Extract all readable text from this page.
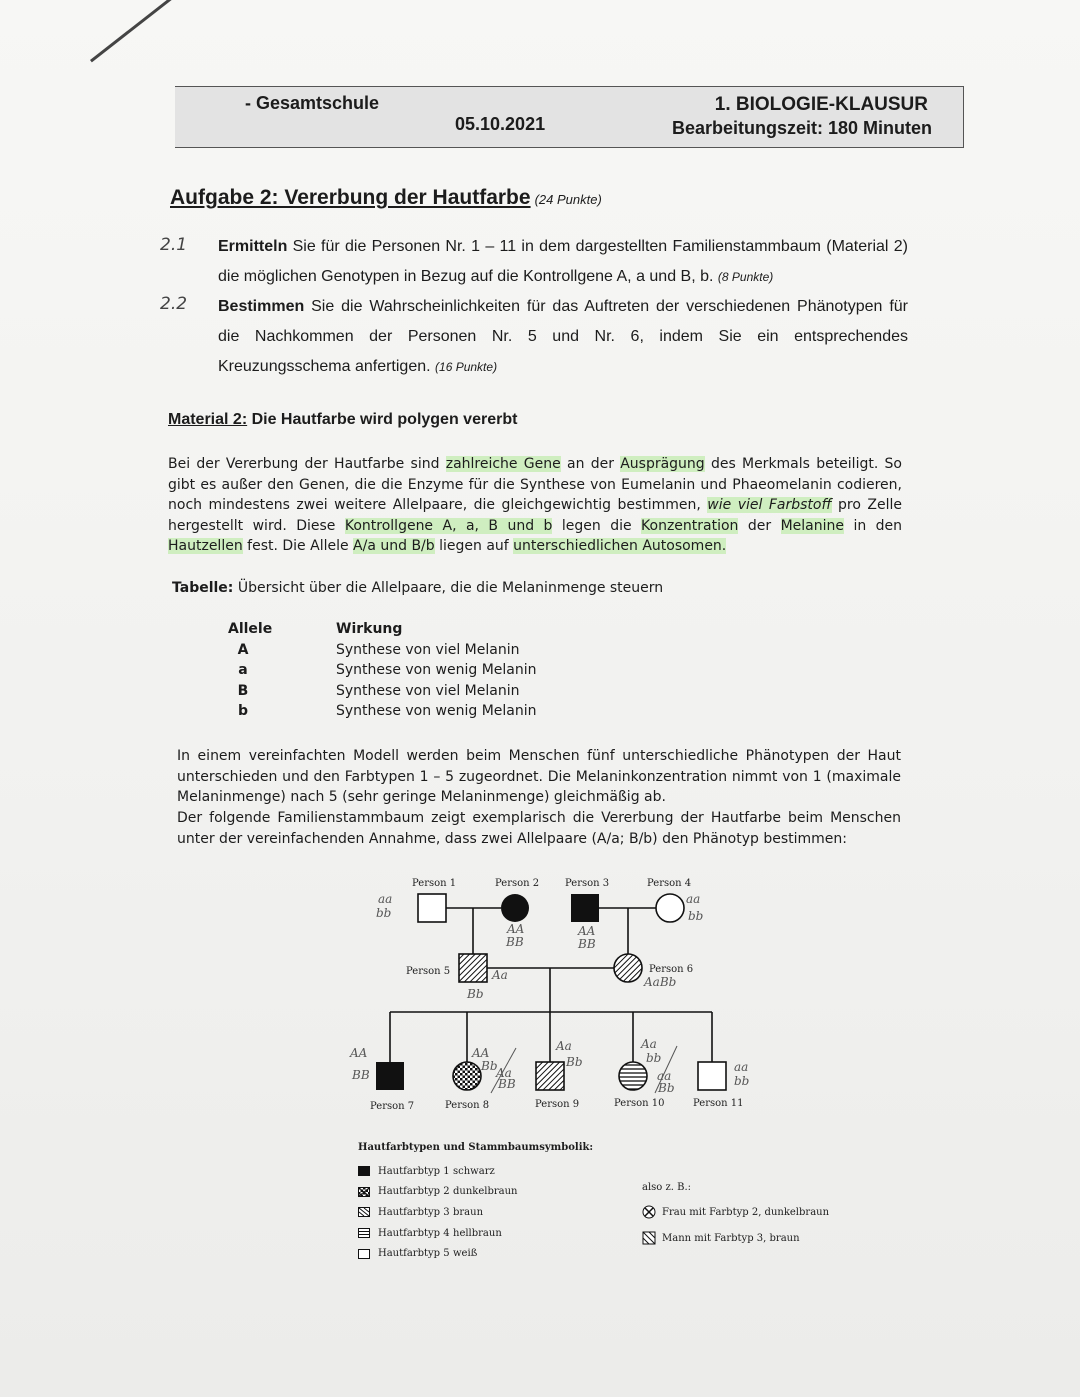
- Gesamtschule
05.10.2021
1. BIOLOGIE-KLAUSUR
Bearbeitungszeit: 180 Minuten
Aufgabe 2: Vererbung der Hautfarbe (24 Punkte)
2.1 Ermitteln Sie für die Personen Nr. 1 – 11 in dem dargestellten Familienstammbaum (Material 2) die möglichen Genotypen in Bezug auf die Kontrollgene A, a und B, b. (8 Punkte)
2.2 Bestimmen Sie die Wahrscheinlichkeiten für das Auftreten der verschiedenen Phänotypen für die Nachkommen der Personen Nr. 5 und Nr. 6, indem Sie ein entsprechendes Kreuzungsschema anfertigen. (16 Punkte)
Material 2: Die Hautfarbe wird polygen vererbt
Bei der Vererbung der Hautfarbe sind zahlreiche Gene an der Ausprägung des Merkmals beteiligt. So gibt es außer den Genen, die die Enzyme für die Synthese von Eumelanin und Phaeomelanin codieren, noch mindestens zwei weitere Allelpaare, die gleichgewichtig bestimmen, wie viel Farbstoff pro Zelle hergestellt wird. Diese Kontrollgene A, a, B und b legen die Konzentration der Melanine in den Hautzellen fest. Die Allele A/a und B/b liegen auf unterschiedlichen Autosomen.
Tabelle: Übersicht über die Allelpaare, die die Melaninmenge steuern
Allele	Wirkung
A	Synthese von viel Melanin
a	Synthese von wenig Melanin
B	Synthese von viel Melanin
b	Synthese von wenig Melanin
In einem vereinfachten Modell werden beim Menschen fünf unterschiedliche Phänotypen der Haut unterschieden und den Farbtypen 1 – 5 zugeordnet. Die Melaninkonzentration nimmt von 1 (maximale Melaninmenge) nach 5 (sehr geringe Melaninmenge) gleichmäßig ab.
Der folgende Familienstammbaum zeigt exemplarisch die Vererbung der Hautfarbe beim Menschen unter der vereinfachenden Annahme, dass zwei Allelpaare (A/a; B/b) den Phänotyp bestimmen:
Person 1	Person 2	Person 3	Person 4
Person 5	Person 6
Person 7	Person 8	Person 9	Person 10	Person 11
aa
bb
AA
BB
AA
BB
aa
bb
Aa
Bb
AaBb
AA
BB
AA
Bb
Aa
BB
Aa
Bb
Aa
bb
aa
Bb
aa
bb
Hautfarbtypen und Stammbaumsymbolik:
Hautfarbtyp 1 schwarz
Hautfarbtyp 2 dunkelbraun
Hautfarbtyp 3 braun
Hautfarbtyp 4 hellbraun
Hautfarbtyp 5 weiß
also z. B.:
Frau mit Farbtyp 2, dunkelbraun
Mann mit Farbtyp 3, braun
